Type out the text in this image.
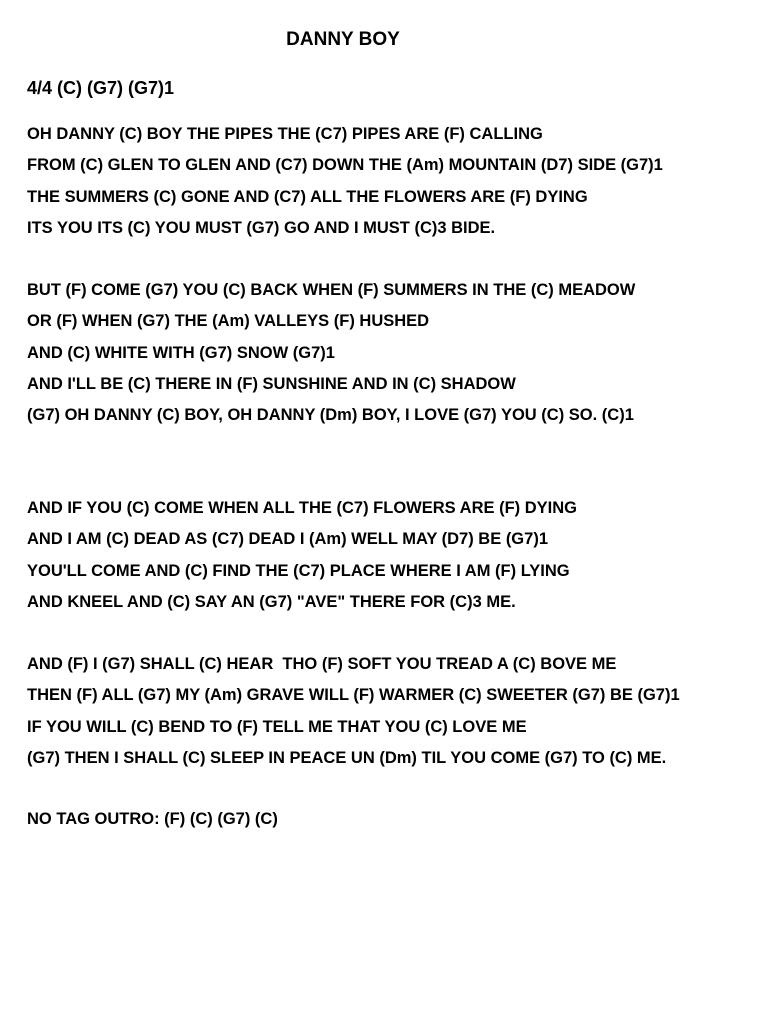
DANNY BOY
4/4 (C) (G7) (G7)1
OH DANNY (C) BOY THE PIPES THE (C7) PIPES ARE (F) CALLING
FROM (C) GLEN TO GLEN AND (C7) DOWN THE (Am) MOUNTAIN (D7) SIDE (G7)1
THE SUMMERS (C) GONE AND (C7) ALL THE FLOWERS ARE (F) DYING
ITS YOU ITS (C) YOU MUST (G7) GO AND I MUST (C)3 BIDE.
BUT (F) COME (G7) YOU (C) BACK WHEN (F) SUMMERS IN THE (C) MEADOW
OR (F) WHEN (G7) THE (Am) VALLEYS (F) HUSHED
AND (C) WHITE WITH (G7) SNOW (G7)1
AND I'LL BE (C) THERE IN (F) SUNSHINE AND IN (C) SHADOW
(G7) OH DANNY (C) BOY, OH DANNY (Dm) BOY, I LOVE (G7) YOU (C) SO. (C)1
AND IF YOU (C) COME WHEN ALL THE (C7) FLOWERS ARE (F) DYING
AND I AM (C) DEAD AS (C7) DEAD I (Am) WELL MAY (D7) BE (G7)1
YOU'LL COME AND (C) FIND THE (C7) PLACE WHERE I AM (F) LYING
AND KNEEL AND (C) SAY AN (G7) "AVE" THERE FOR (C)3 ME.
AND (F) I (G7) SHALL (C) HEAR  THO (F) SOFT YOU TREAD A (C) BOVE ME
THEN (F) ALL (G7) MY (Am) GRAVE WILL (F) WARMER (C) SWEETER (G7) BE (G7)1
IF YOU WILL (C) BEND TO (F) TELL ME THAT YOU (C) LOVE ME
(G7) THEN I SHALL (C) SLEEP IN PEACE UN (Dm) TIL YOU COME (G7) TO (C) ME.
NO TAG OUTRO: (F) (C) (G7) (C)
